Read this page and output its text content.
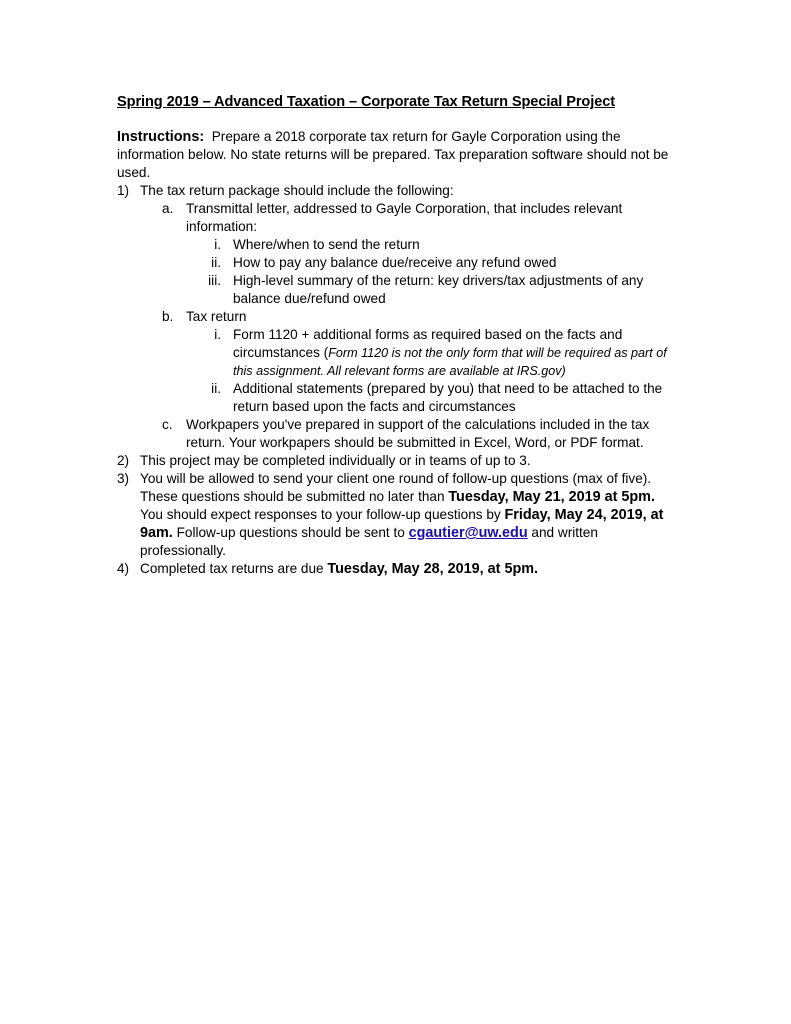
Spring 2019 – Advanced Taxation – Corporate Tax Return Special Project
Instructions: Prepare a 2018 corporate tax return for Gayle Corporation using the information below. No state returns will be prepared. Tax preparation software should not be used.
1) The tax return package should include the following:
a. Transmittal letter, addressed to Gayle Corporation, that includes relevant information:
i. Where/when to send the return
ii. How to pay any balance due/receive any refund owed
iii. High-level summary of the return: key drivers/tax adjustments of any balance due/refund owed
b. Tax return
i. Form 1120 + additional forms as required based on the facts and circumstances (Form 1120 is not the only form that will be required as part of this assignment. All relevant forms are available at IRS.gov)
ii. Additional statements (prepared by you) that need to be attached to the return based upon the facts and circumstances
c. Workpapers you've prepared in support of the calculations included in the tax return. Your workpapers should be submitted in Excel, Word, or PDF format.
2) This project may be completed individually or in teams of up to 3.
3) You will be allowed to send your client one round of follow-up questions (max of five). These questions should be submitted no later than Tuesday, May 21, 2019 at 5pm. You should expect responses to your follow-up questions by Friday, May 24, 2019, at 9am. Follow-up questions should be sent to cgautier@uw.edu and written professionally.
4) Completed tax returns are due Tuesday, May 28, 2019, at 5pm.
